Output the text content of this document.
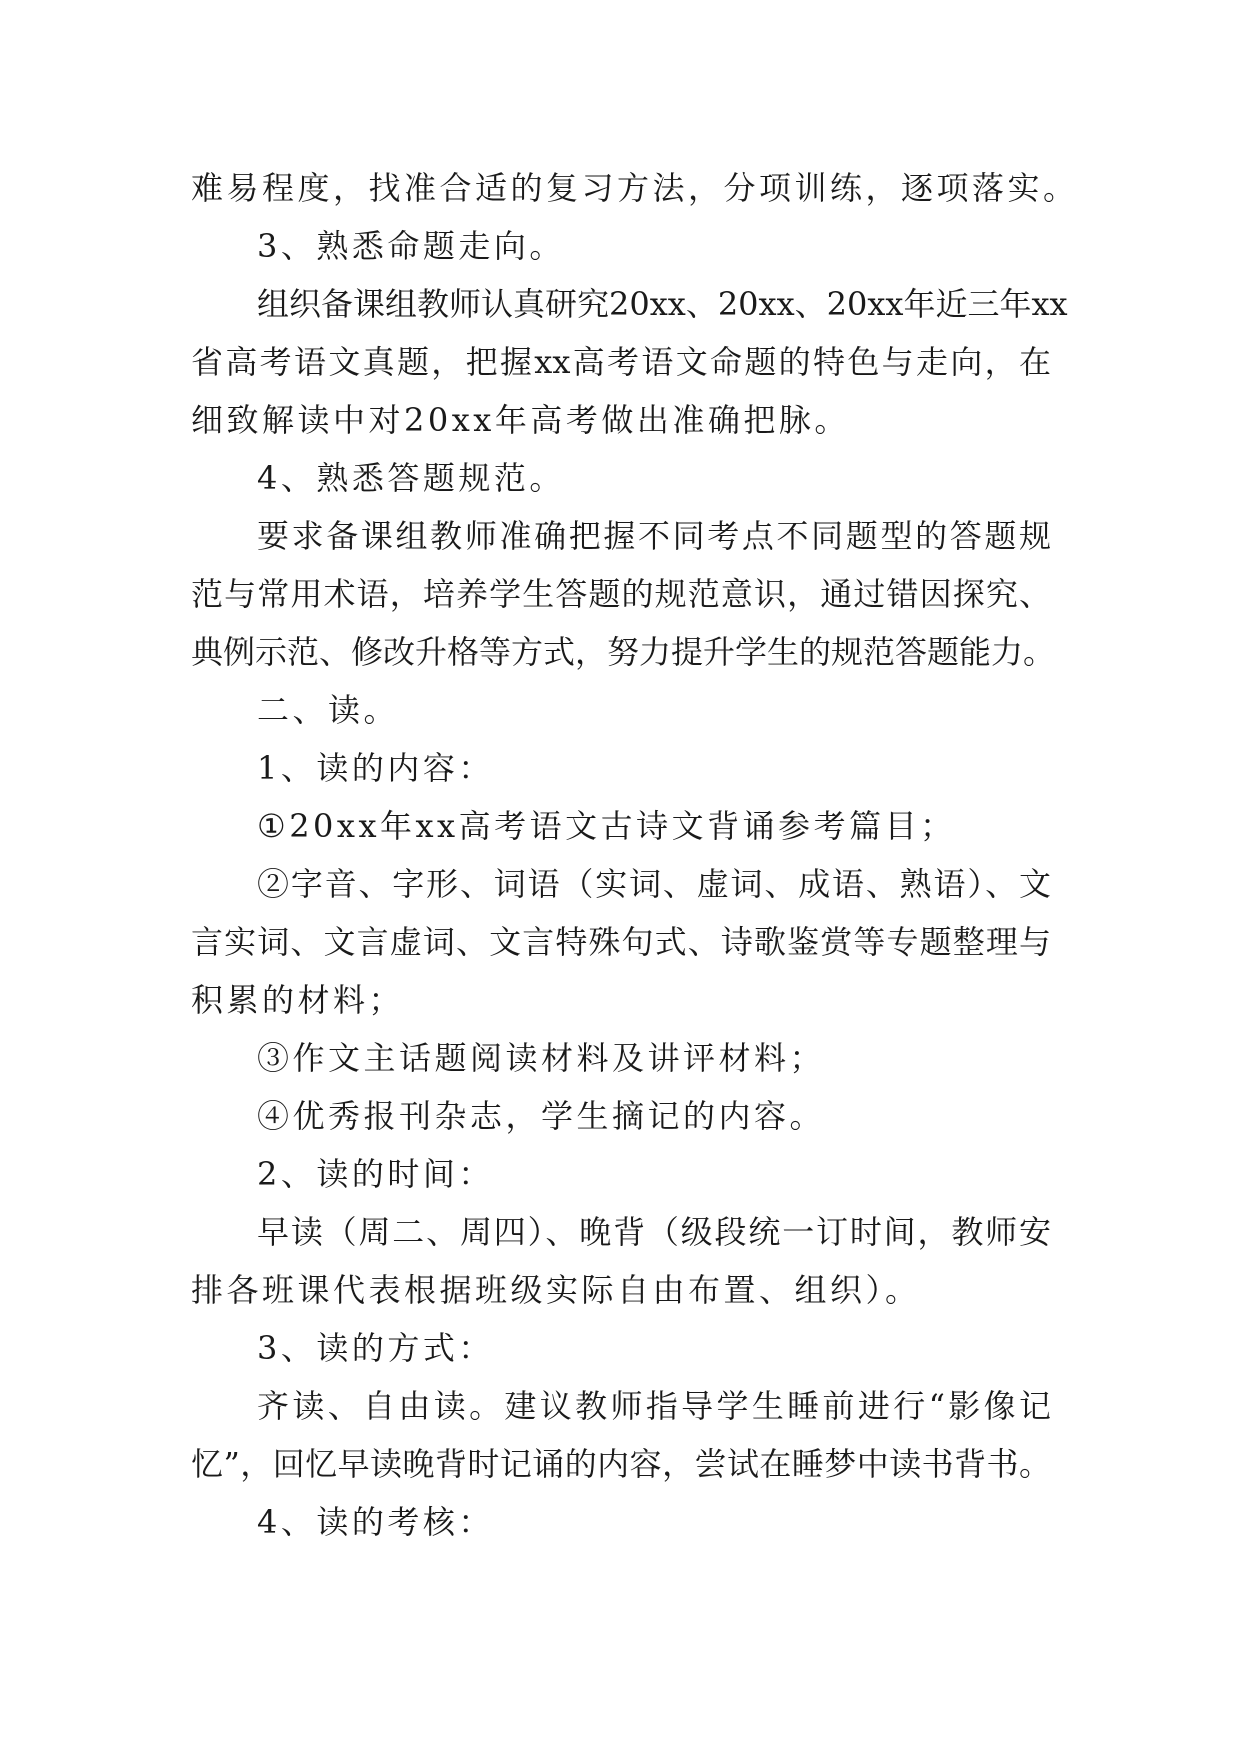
难易程度，找准合适的复习方法，分项训练，逐项落实。
3、熟悉命题走向。
组织备课组教师认真研究20xx、20xx、20xx年近三年xx
省高考语文真题，把握xx高考语文命题的特色与走向，在
细致解读中对20xx年高考做出准确把脉。
4、熟悉答题规范。
要求备课组教师准确把握不同考点不同题型的答题规
范与常用术语，培养学生答题的规范意识，通过错因探究、
典例示范、修改升格等方式，努力提升学生的规范答题能力。
二、读。
1、读的内容：
①20xx年xx高考语文古诗文背诵参考篇目；
②字音、字形、词语（实词、虚词、成语、熟语）、文
言实词、文言虚词、文言特殊句式、诗歌鉴赏等专题整理与
积累的材料；
③作文主话题阅读材料及讲评材料；
④优秀报刊杂志，学生摘记的内容。
2、读的时间：
早读（周二、周四）、晚背（级段统一订时间，教师安
排各班课代表根据班级实际自由布置、组织）。
3、读的方式：
齐读、自由读。建议教师指导学生睡前进行“影像记
忆”，回忆早读晚背时记诵的内容，尝试在睡梦中读书背书。
4、读的考核：
